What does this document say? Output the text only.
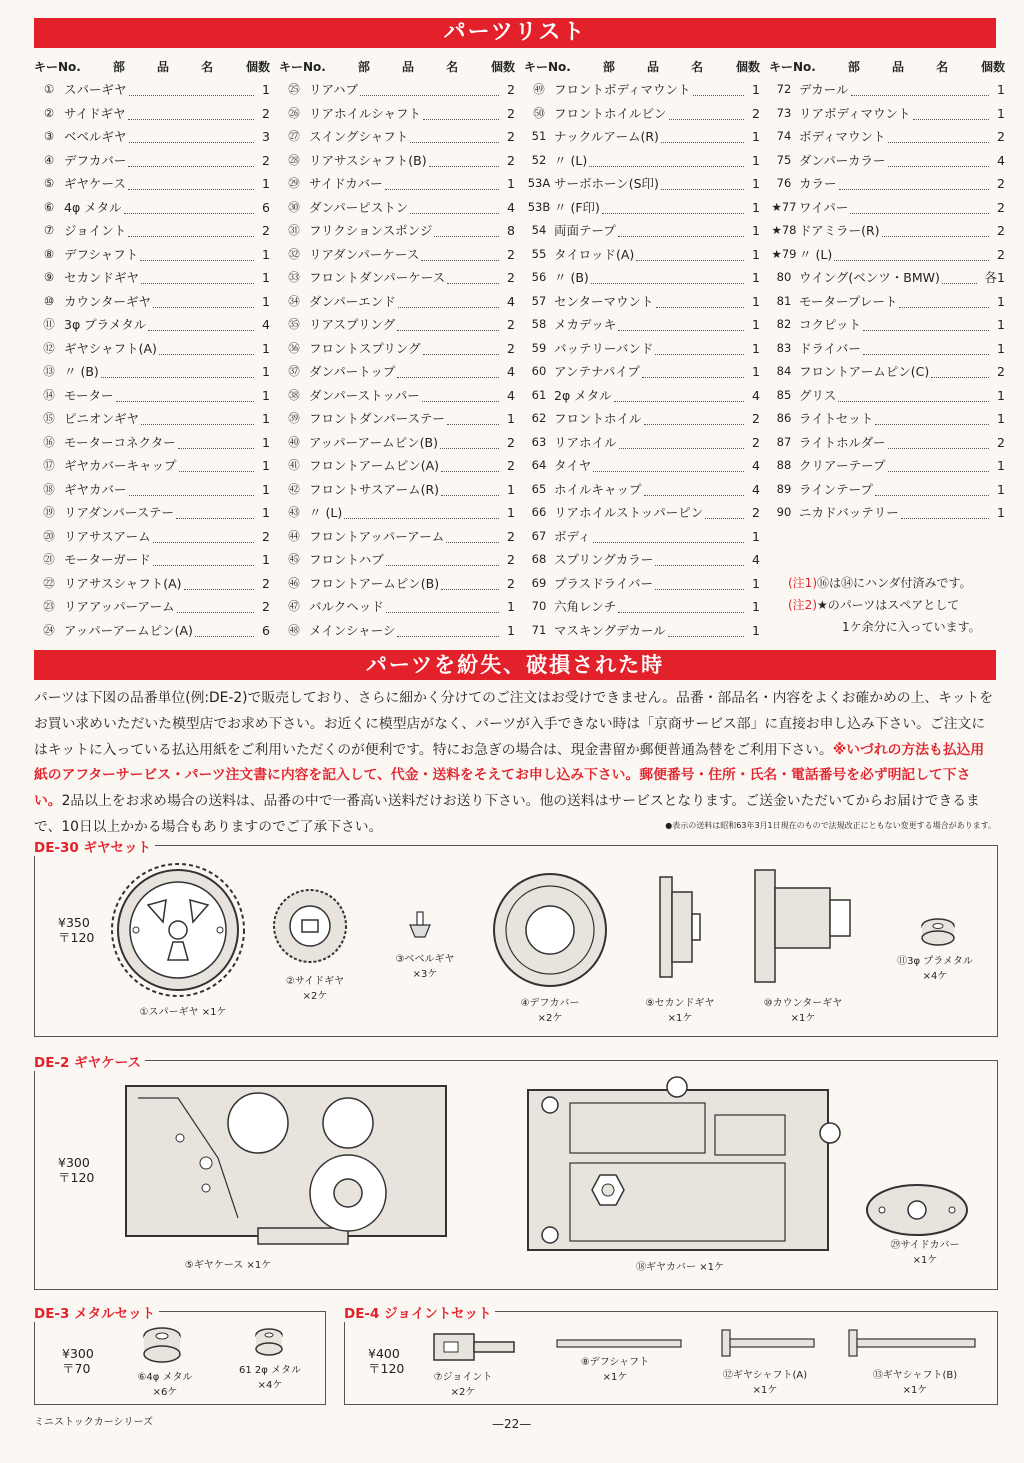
パーツリスト
キーNo.	部 品 名	個数
① スパーギヤ	1
② サイドギヤ	2
③ ベベルギヤ	3
④ デフカバー	2
⑤ ギヤケース	1
⑥ 4φ メタル	6
⑦ ジョイント	2
⑧ デフシャフト	1
⑨ セカンドギヤ	1
⑩ カウンターギヤ	1
⑪ 3φ プラメタル	4
⑫ ギヤシャフト(A)	1
⑬ 〃 (B)	1
⑭ モーター	1
⑮ ピニオンギヤ	1
⑯ モーターコネクター	1
⑰ ギヤカバーキャップ	1
⑱ ギヤカバー	1
⑲ リアダンパーステー	1
⑳ リアサスアーム	2
㉑ モーターガード	1
㉒ リアサスシャフト(A)	2
㉓ リアアッパーアーム	2
㉔ アッパーアームピン(A)	6
キーNo.	部 品 名	個数
㉕ リアハブ	2
㉖ リアホイルシャフト	2
㉗ スイングシャフト	2
㉘ リアサスシャフト(B)	2
㉙ サイドカバー	1
㉚ ダンパーピストン	4
㉛ フリクションスポンジ	8
㉜ リアダンパーケース	2
㉝ フロントダンパーケース	2
㉞ ダンパーエンド	4
㉟ リアスプリング	2
㊱ フロントスプリング	2
㊲ ダンパートップ	4
㊳ ダンパーストッパー	4
㊴ フロントダンパーステー	1
㊵ アッパーアームピン(B)	2
㊶ フロントアームピン(A)	2
㊷ フロントサスアーム(R)	1
㊸ 〃 (L)	1
㊹ フロントアッパーアーム	2
㊺ フロントハブ	2
㊻ フロントアームピン(B)	2
㊼ バルクヘッド	1
㊽ メインシャーシ	1
キーNo.	部 品 名	個数
㊾ フロントボディマウント	1
㊿ フロントホイルピン	2
51 ナックルアーム(R)	1
52 〃 (L)	1
53A サーボホーン(S印)	1
53B 〃 (F印)	1
54 両面テープ	1
55 タイロッド(A)	1
56 〃 (B)	1
57 センターマウント	1
58 メカデッキ	1
59 バッテリーバンド	1
60 アンテナパイプ	1
61 2φ メタル	4
62 フロントホイル	2
63 リアホイル	2
64 タイヤ	4
65 ホイルキャップ	4
66 リアホイルストッパーピン	2
67 ボディ	1
68 スプリングカラー	4
69 プラスドライバー	1
70 六角レンチ	1
71 マスキングデカール	1
キーNo.	部 品 名	個数
72 デカール	1
73 リアボディマウント	1
74 ボディマウント	2
75 ダンパーカラー	4
76 カラー	2
★77 ワイパー	2
★78 ドアミラー(R)	2
★79 〃 (L)	2
80 ウイング(ベンツ・BMW)	各1
81 モータープレート	1
82 コクピット	1
83 ドライバー	1
84 フロントアームピン(C)	2
85 グリス	1
86 ライトセット	1
87 ライトホルダー	2
88 クリアーテープ	1
89 ラインテープ	1
90 ニカドバッテリー	1
(注1)⑯は⑭にハンダ付済みです。
(注2)★のパーツはスペアとして
1ケ余分に入っています。
パーツを紛失、破損された時
パーツは下図の品番単位(例:DE-2)で販売しており、さらに細かく分けてのご注文はお受けできません。品番・部品名・内容をよくお確かめの上、キットをお買い求めいただいた模型店でお求め下さい。お近くに模型店がなく、パーツが入手できない時は「京商サービス部」に直接お申し込み下さい。ご注文にはキットに入っている払込用紙をご利用いただくのが便利です。特にお急ぎの場合は、現金書留か郵便普通為替をご利用下さい。※いづれの方法も払込用紙のアフターサービス・パーツ注文書に内容を記入して、代金・送料をそえてお申し込み下さい。郵便番号・住所・氏名・電話番号を必ず明記して下さい。2品以上をお求め場合の送料は、品番の中で一番高い送料だけお送り下さい。他の送料はサービスとなります。ご送金いただいてからお届けできるまで、10日以上かかる場合もありますのでご了承下さい。	●表示の送料は昭和63年3月1日現在のもので法規改正にともない変更する場合があります。
DE-30 ギヤセット
¥350
〒120
①スパーギヤ ×1ケ
②サイドギヤ
×2ケ
③ベベルギヤ
×3ケ
④デフカバー
×2ケ
⑨セカンドギヤ
×1ケ
⑩カウンターギヤ
×1ケ
⑪3φ プラメタル
×4ケ
DE-2 ギヤケース
¥300
〒120
⑤ギヤケース ×1ケ	⑱ギヤカバー ×1ケ
㉙サイドカバー
×1ケ
DE-3 メタルセット
¥300
〒70
⑥4φ メタル
×6ケ
61 2φ メタル
×4ケ
DE-4 ジョイントセット
¥400
〒120
⑦ジョイント
×2ケ
⑧デフシャフト
×1ケ	⑫ギヤシャフト(A)
×1ケ
⑬ギヤシャフト(B)
×1ケ
ミニストックカーシリーズ	—22—
